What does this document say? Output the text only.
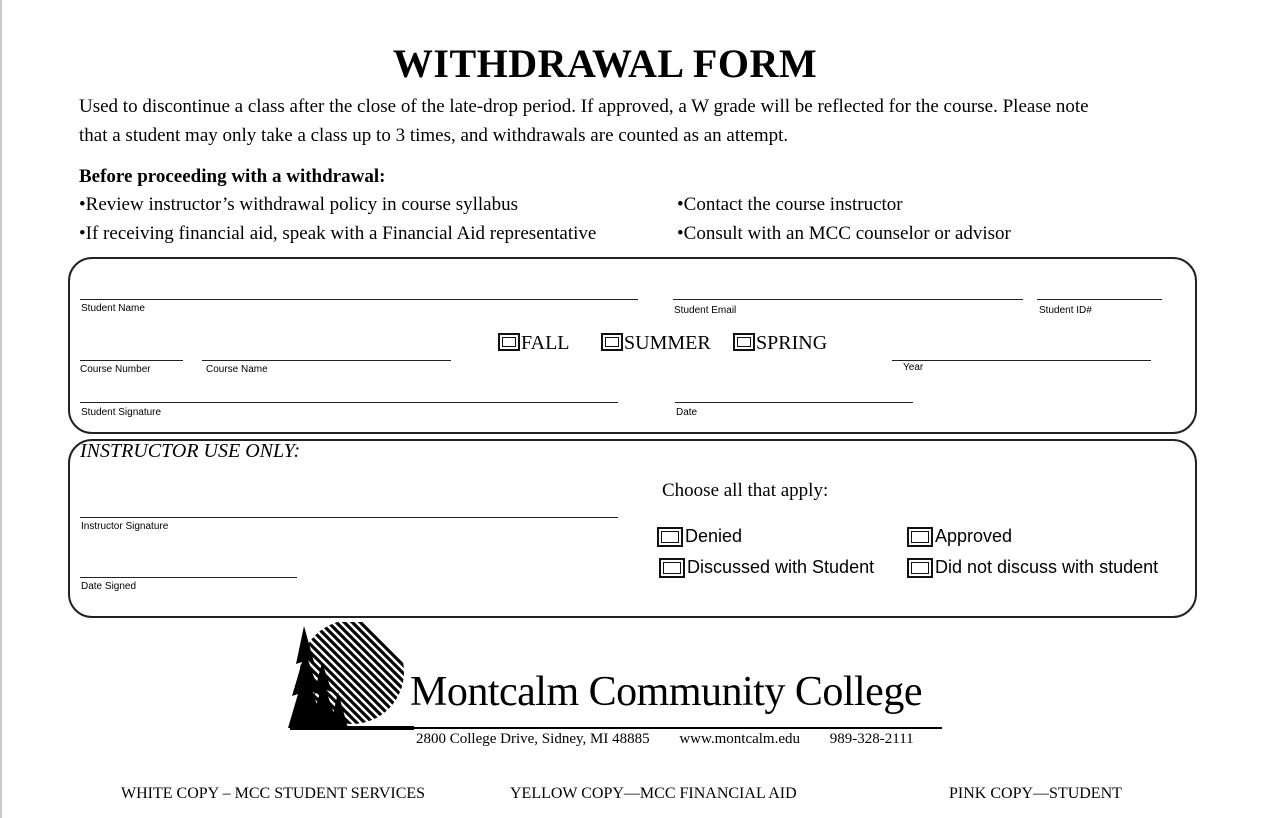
WITHDRAWAL FORM
Used to discontinue a class after the close of the late-drop period. If approved, a W grade will be reflected for the course. Please note
that a student may only take a class up to 3 times, and withdrawals are counted as an attempt.
Before proceeding with a withdrawal:
•Review instructor’s withdrawal policy in course syllabus	•Contact the course instructor
•If receiving financial aid, speak with a Financial Aid representative	•Consult with an MCC counselor or advisor
Student Name	Student Email	Student ID#
Course Number	Course Name
FALL	SUMMER SPRING
Year
Student Signature	Date
INSTRUCTOR USE ONLY:
Instructor Signature
Date Signed
Choose all that apply:
Denied	Approved
Discussed with Student	Did not discuss with student
Montcalm Community College
2800 College Drive, Sidney, MI 48885 www.montcalm.edu 989-328-2111
WHITE COPY – MCC STUDENT SERVICES	YELLOW COPY—MCC FINANCIAL AID	PINK COPY—STUDENT
